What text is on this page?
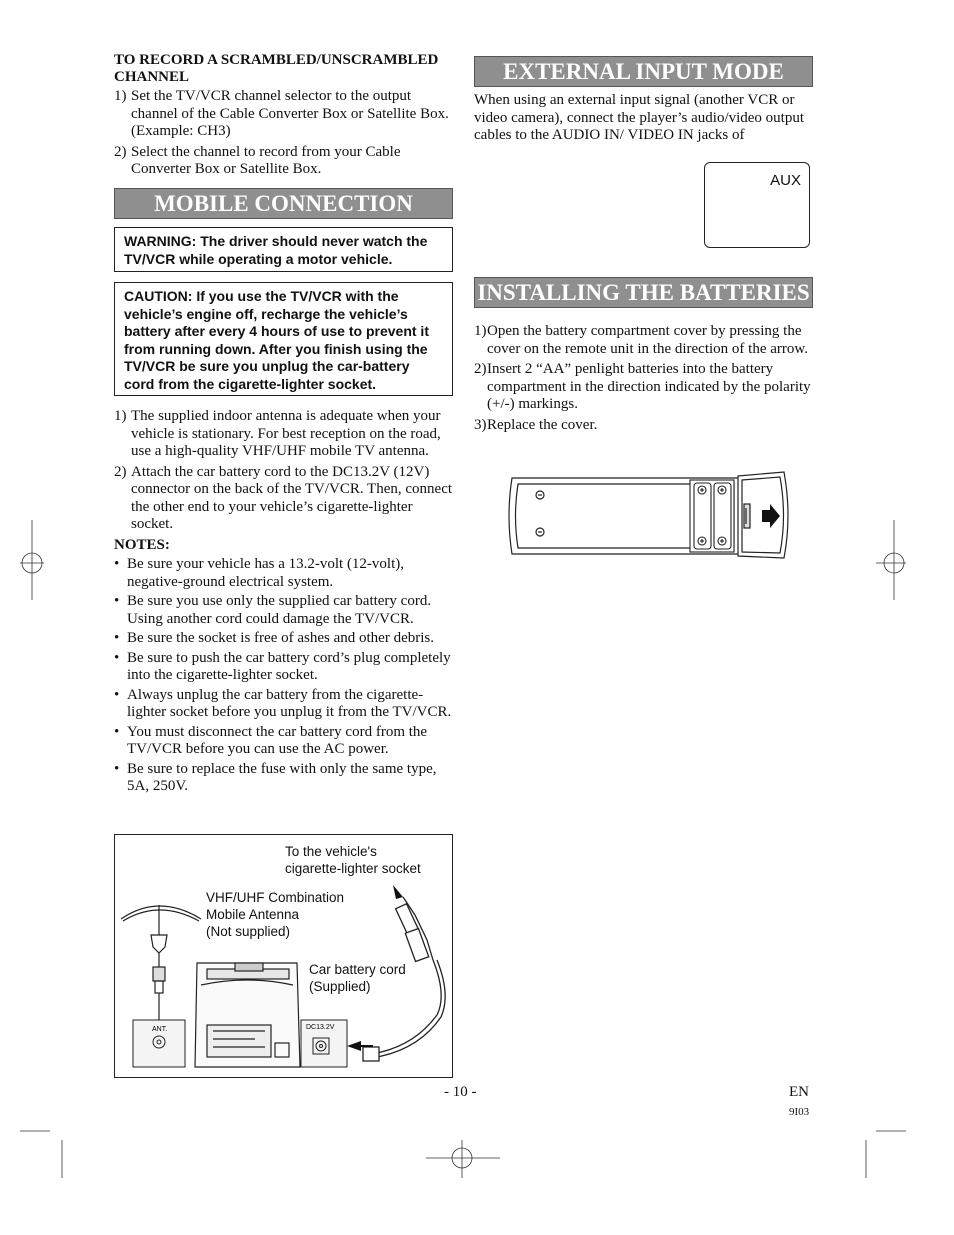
TO RECORD A SCRAMBLED/UNSCRAMBLED
CHANNEL
1) Set the TV/VCR channel selector to the output channel of the Cable Converter Box or Satellite Box. (Example: CH3)
2) Select the channel to record from your Cable Converter Box or Satellite Box.
MOBILE CONNECTION
WARNING: The driver should never watch the TV/VCR while operating a motor vehicle.
CAUTION: If you use the TV/VCR with the vehicle’s engine off, recharge the vehicle’s battery after every 4 hours of use to prevent it from running down. After you finish using the TV/VCR be sure you unplug the car-battery cord from the cigarette-lighter socket.
1) The supplied indoor antenna is adequate when your vehicle is stationary. For best reception on the road, use a high-quality VHF/UHF mobile TV antenna.
2) Attach the car battery cord to the DC13.2V (12V) connector on the back of the TV/VCR. Then, connect the other end to your vehicle’s cigarette-lighter socket.
NOTES:
• Be sure your vehicle has a 13.2-volt (12-volt), negative-ground electrical system.
• Be sure you use only the supplied car battery cord. Using another cord could damage the TV/VCR.
• Be sure the socket is free of ashes and other debris.
• Be sure to push the car battery cord’s plug completely into the cigarette-lighter socket.
• Always unplug the car battery from the cigarette-lighter socket before you unplug it from the TV/VCR.
• You must disconnect the car battery cord from the TV/VCR before you can use the AC power.
• Be sure to replace the fuse with only the same type, 5A, 250V.
To the vehicle's
cigarette-lighter socket
VHF/UHF Combination
Mobile Antenna
(Not supplied)
Car battery cord
(Supplied)
ANT.	DC13.2V
EXTERNAL INPUT MODE
When using an external input signal (another VCR or video camera), connect the player’s audio/video output cables to the AUDIO IN/ VIDEO IN jacks of
AUX
INSTALLING THE BATTERIES
1) Open the battery compartment cover by pressing the cover on the remote unit in the direction of the arrow.
2) Insert 2 “AA” penlight batteries into the battery compartment in the direction indicated by the polarity (+/-) markings.
3) Replace the cover.
- 10 -	EN
9I03
